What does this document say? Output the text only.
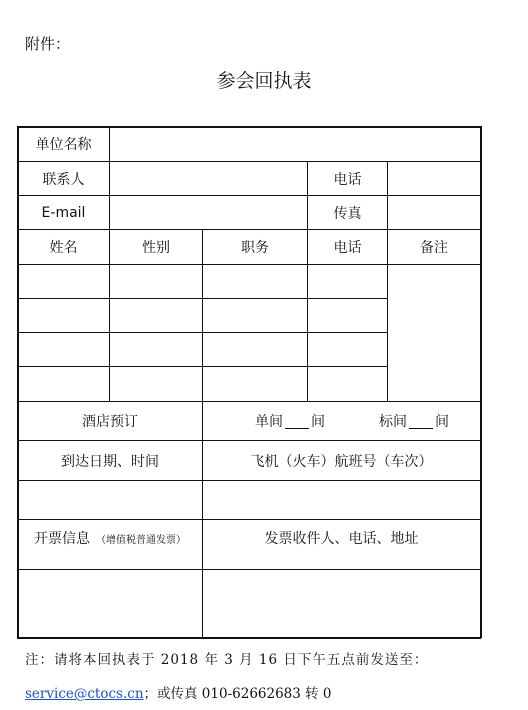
附件：
参会回执表
单位名称
联系人	电话
E-mail	传真
姓名	性别	职务	电话	备注
酒店预订	单间 间	标间 间
到达日期、时间	飞机（火车）航班号（车次）
开票信息 （增值税普通发票）	发票收件人、电话、地址
注：请将本回执表于 2018 年 3 月 16 日下午五点前发送至：
service@ctocs.cn；或传真 010-62662683 转 0
